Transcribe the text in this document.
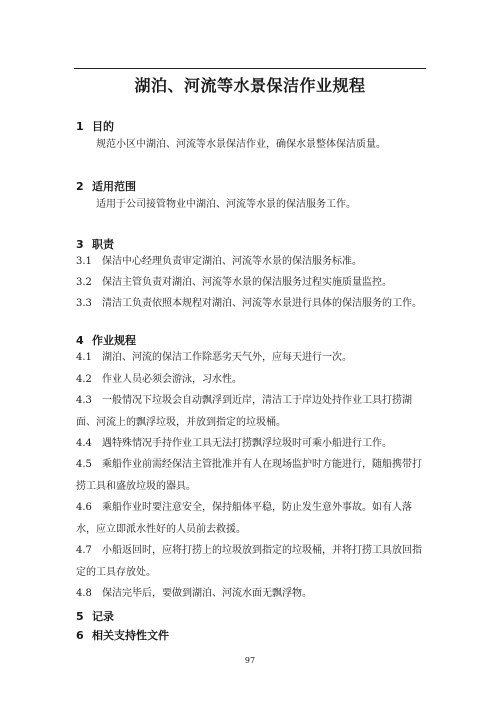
湖泊、河流等水景保洁作业规程
1 目的
规范小区中湖泊、河流等水景保洁作业，确保水景整体保洁质量。
2 适用范围
适用于公司接管物业中湖泊、河流等水景的保洁服务工作。
3 职责
3.1 保洁中心经理负责审定湖泊、河流等水景的保洁服务标准。
3.2 保洁主管负责对湖泊、河流等水景的保洁服务过程实施质量监控。
3.3 清洁工负责依照本规程对湖泊、河流等水景进行具体的保洁服务的工作。
4 作业规程
4.1 湖泊、河流的保洁工作除恶劣天气外，应每天进行一次。
4.2 作业人员必须会游泳，习水性。
4.3 一般情况下垃圾会自动飘浮到近岸，清洁工于岸边处持作业工具打捞湖面、河流上的飘浮垃圾，并放到指定的垃圾桶。
4.4 遇特殊情况手持作业工具无法打捞飘浮垃圾时可乘小船进行工作。
4.5 乘船作业前需经保洁主管批准并有人在现场监护时方能进行，随船携带打捞工具和盛放垃圾的器具。
4.6 乘船作业时要注意安全，保持船体平稳，防止发生意外事故。如有人落水，应立即派水性好的人员前去救援。
4.7 小船返回时，应将打捞上的垃圾放到指定的垃圾桶，并将打捞工具放回指定的工具存放处。
4.8 保洁完毕后，要做到湖泊、河流水面无飘浮物。
5 记录
6 相关支持性文件
97
